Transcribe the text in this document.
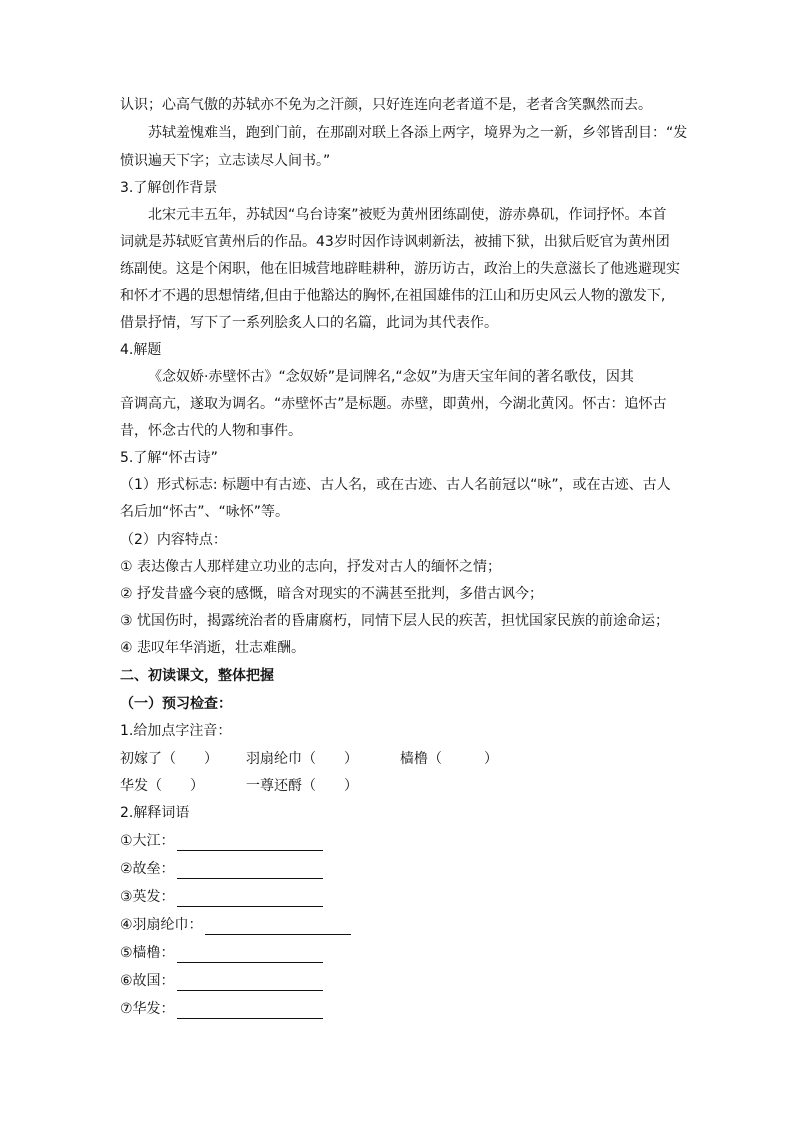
认识；心高气傲的苏轼亦不免为之汗颜，只好连连向老者道不是，老者含笑飘然而去。
苏轼羞愧难当，跑到门前，在那副对联上各添上两字，境界为之一新，乡邻皆刮目：“发
愤识遍天下字；立志读尽人间书。”
3.了解创作背景
北宋元丰五年，苏轼因“乌台诗案”被贬为黄州团练副使，游赤鼻矶，作词抒怀。本首
词就是苏轼贬官黄州后的作品。43岁时因作诗讽刺新法，被捕下狱，出狱后贬官为黄州团
练副使。这是个闲职，他在旧城营地辟畦耕种，游历访古，政治上的失意滋长了他逃避现实
和怀才不遇的思想情绪,但由于他豁达的胸怀,在祖国雄伟的江山和历史风云人物的激发下,
借景抒情，写下了一系列脍炙人口的名篇，此词为其代表作。
4.解题
《念奴娇·赤壁怀古》“念奴娇”是词牌名,“念奴”为唐天宝年间的著名歌伎，因其
音调高亢，遂取为调名。“赤壁怀古”是标题。赤壁，即黄州，今湖北黄冈。怀古：追怀古
昔，怀念古代的人物和事件。
5.了解“怀古诗”
（1）形式标志: 标题中有古迹、古人名，或在古迹、古人名前冠以“咏”，或在古迹、古人
名后加“怀古”、“咏怀”等。
（2）内容特点：
① 表达像古人那样建立功业的志向，抒发对古人的缅怀之情；
② 抒发昔盛今衰的感慨，暗含对现实的不满甚至批判，多借古讽今；
③ 忧国伤时，揭露统治者的昏庸腐朽，同情下层人民的疾苦，担忧国家民族的前途命运；
④ 悲叹年华消逝，壮志难酬。
二、初读课文，整体把握
（一）预习检查：
1.给加点字注音：
初嫁了（　　） 羽扇纶巾（　　）	樯橹（　　　）
华发（　　）	一尊还酹（　　）
2.解释词语
①大江：
②故垒：
③英发：
④羽扇纶巾：
⑤樯橹：
⑥故国：
⑦华发：
